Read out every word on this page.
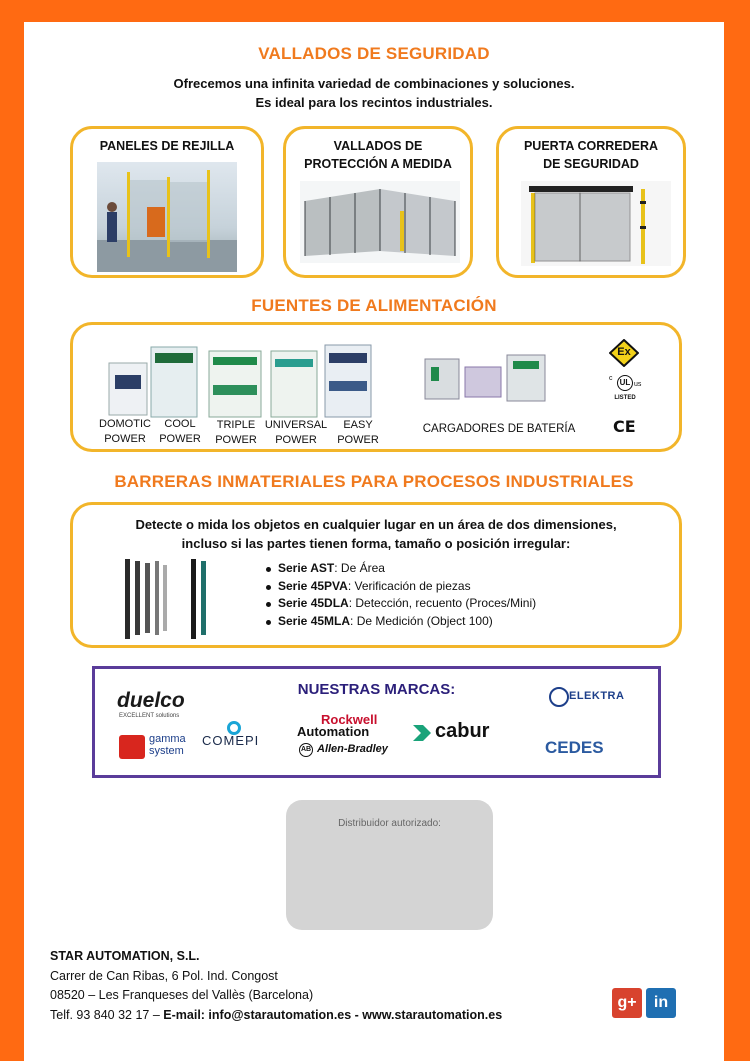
VALLADOS DE SEGURIDAD
Ofrecemos una infinita variedad de combinaciones y soluciones.
Es ideal para los recintos industriales.
PANELES DE REJILLA	VALLADOS DE
PROTECCIÓN A MEDIDA
PUERTA CORREDERA
DE SEGURIDAD
FUENTES DE ALIMENTACIÓN
DOMOTIC
POWER
COOL
POWER
TRIPLE
POWER
UNIVERSAL
POWER
EASY
POWER
CARGADORES DE BATERÍA
Ex
UL
c
us
LISTED
CE
BARRERAS INMATERIALES PARA PROCESOS INDUSTRIALES
Detecte o mida los objetos en cualquier lugar en un área de dos dimensiones,
incluso si las partes tienen forma, tamaño o posición irregular:
Serie AST: De Área
Serie 45PVA: Verificación de piezas
Serie 45DLA: Detección, recuento (Proces/Mini)
Serie 45MLA: De Medición (Object 100)
NUESTRAS MARCAS:
duelco
EXCELLENT solutions
gamma
system
COMEPI
Rockwell
Automation
AB Allen-Bradley
cabur
ELEKTRA
CEDES
Distribuidor autorizado:
STAR AUTOMATION, S.L.
Carrer de Can Ribas, 6 Pol. Ind. Congost
08520 – Les Franqueses del Vallès (Barcelona)
Telf. 93 840 32 17 – E-mail: info@starautomation.es - www.starautomation.es
g+	in
